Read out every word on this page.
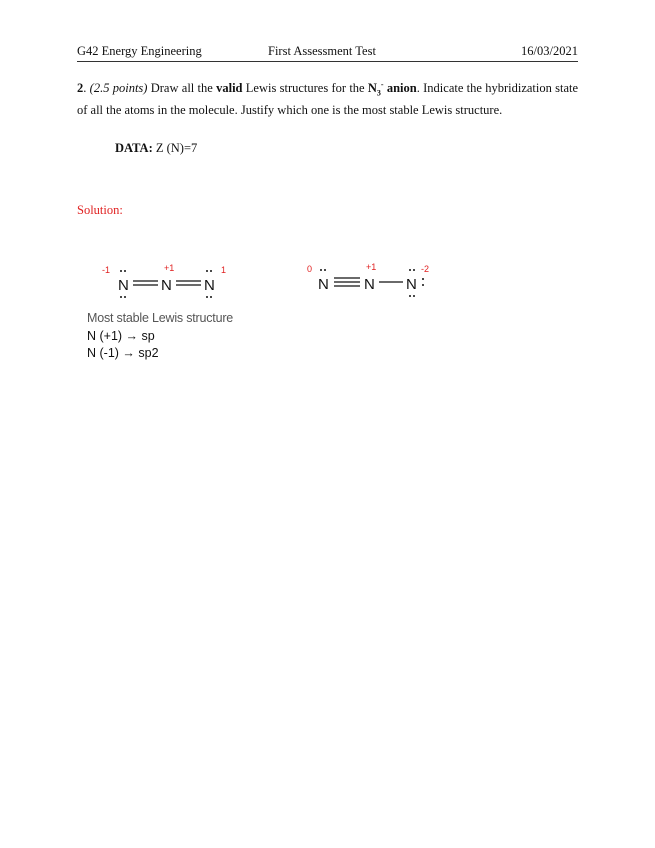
G42 Energy Engineering	First Assessment Test	16/03/2021
2. (2.5 points) Draw all the valid Lewis structures for the $N_3^-$ anion. Indicate the hybridization state of all the atoms in the molecule. Justify which one is the most stable Lewis structure.
DATA: Z (N)=7
Solution:
-1	+1	1
N N N
0	+1	-2
N N N
Most stable Lewis structure
N (+1) → sp
N (-1) → sp2
